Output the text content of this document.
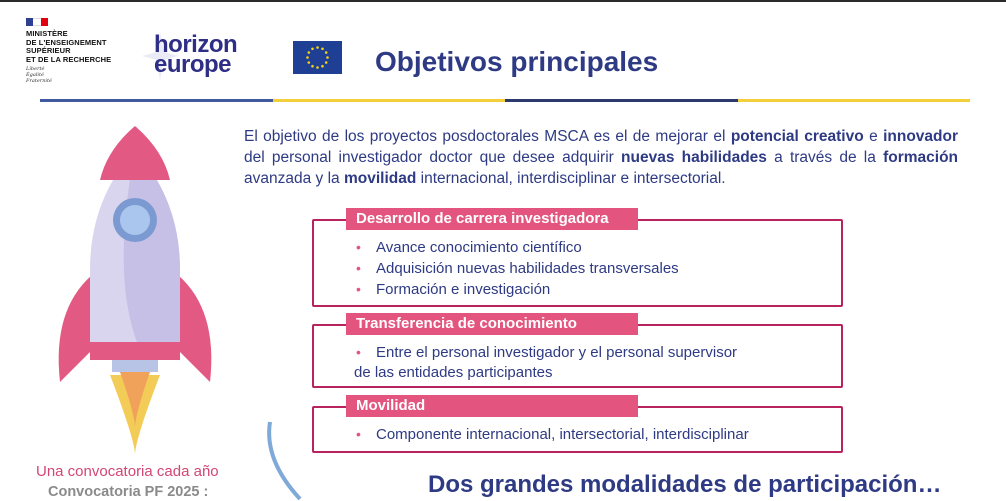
MINISTÈRE
DE L'ENSEIGNEMENT
SUPÉRIEUR
ET DE LA RECHERCHE
Liberté
Égalité
Fraternité
horizon
europe	Objetivos principales
El objetivo de los proyectos posdoctorales MSCA es el de mejorar el potencial creativo e innovador del personal investigador doctor que desee adquirir nuevas habilidades a través de la formación avanzada y la movilidad internacional, interdisciplinar e intersectorial.
Desarrollo de carrera investigadora
• Avance conocimiento científico
• Adquisición nuevas habilidades transversales
• Formación e investigación
Transferencia de conocimiento
• Entre el personal investigador y el personal supervisor
de las entidades participantes
Movilidad
• Componente internacional, intersectorial, interdisciplinar
Una convocatoria cada año
Convocatoria PF 2025 :	Dos grandes modalidades de participación…
